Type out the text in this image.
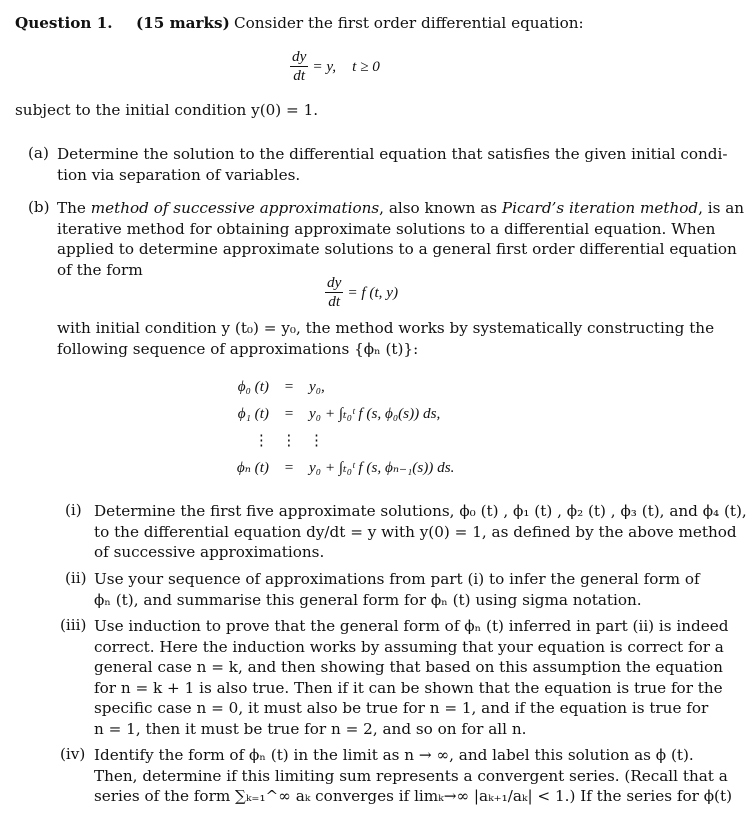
Question 1. (15 marks) Consider the first order differential equation:
$\frac{dy}{dt} = y$, t ≥ 0
subject to the initial condition y(0) = 1.
(a) Determine the solution to the differential equation that satisfies the given initial condi-
tion via separation of variables.
(b) The method of successive approximations, also known as Picard’s iteration method, is an
iterative method for obtaining approximate solutions to a differential equation. When
applied to determine approximate solutions to a general first order differential equation
of the form
$\frac{dy}{dt} = f$ (t, y)
with initial condition y (t₀) = y₀, the method works by systematically constructing the
following sequence of approximations {ϕₙ (t)}:
ϕ₀ (t)	=	y₀,
ϕ₁ (t)	=	y₀ + ∫ₜ₀ᵗ f (s, ϕ₀(s)) ds,
⋮	⋮	⋮
ϕₙ (t)	=	y₀ + ∫ₜ₀ᵗ f (s, ϕₙ₋₁(s)) ds.
(i) Determine the first five approximate solutions, ϕ₀ (t) , ϕ₁ (t) , ϕ₂ (t) , ϕ₃ (t), and ϕ₄ (t),
to the differential equation dy/dt = y with y(0) = 1, as defined by the above method
of successive approximations.
(ii) Use your sequence of approximations from part (i) to infer the general form of
ϕₙ (t), and summarise this general form for ϕₙ (t) using sigma notation.
(iii) Use induction to prove that the general form of ϕₙ (t) inferred in part (ii) is indeed
correct. Here the induction works by assuming that your equation is correct for a
general case n = k, and then showing that based on this assumption the equation
for n = k + 1 is also true. Then if it can be shown that the equation is true for the
specific case n = 0, it must also be true for n = 1, and if the equation is true for
n = 1, then it must be true for n = 2, and so on for all n.
(iv) Identify the form of ϕₙ (t) in the limit as n → ∞, and label this solution as ϕ (t).
Then, determine if this limiting sum represents a convergent series. (Recall that a
series of the form ∑ₖ₌₁^∞ aₖ converges if limₖ→∞ |aₖ₊₁/aₖ| < 1.) If the series for ϕ(t)
